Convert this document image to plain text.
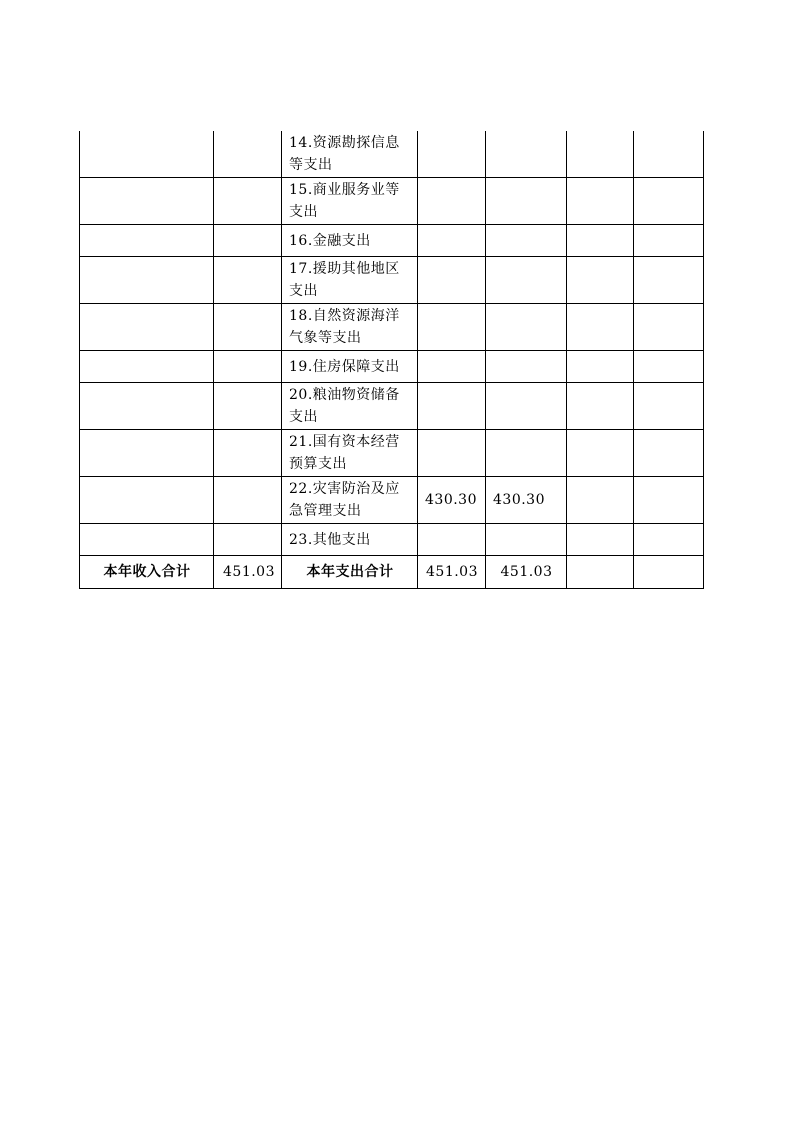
		14.资源勘探信息等支出				
		15.商业服务业等支出				
		16.金融支出				
		17.援助其他地区支出				
		18.自然资源海洋气象等支出				
		19.住房保障支出				
		20.粮油物资储备支出				
		21.国有资本经营预算支出				
		22.灾害防治及应急管理支出	430.30	430.30		
		23.其他支出				
本年收入合计	451.03	本年支出合计	451.03	451.03		
